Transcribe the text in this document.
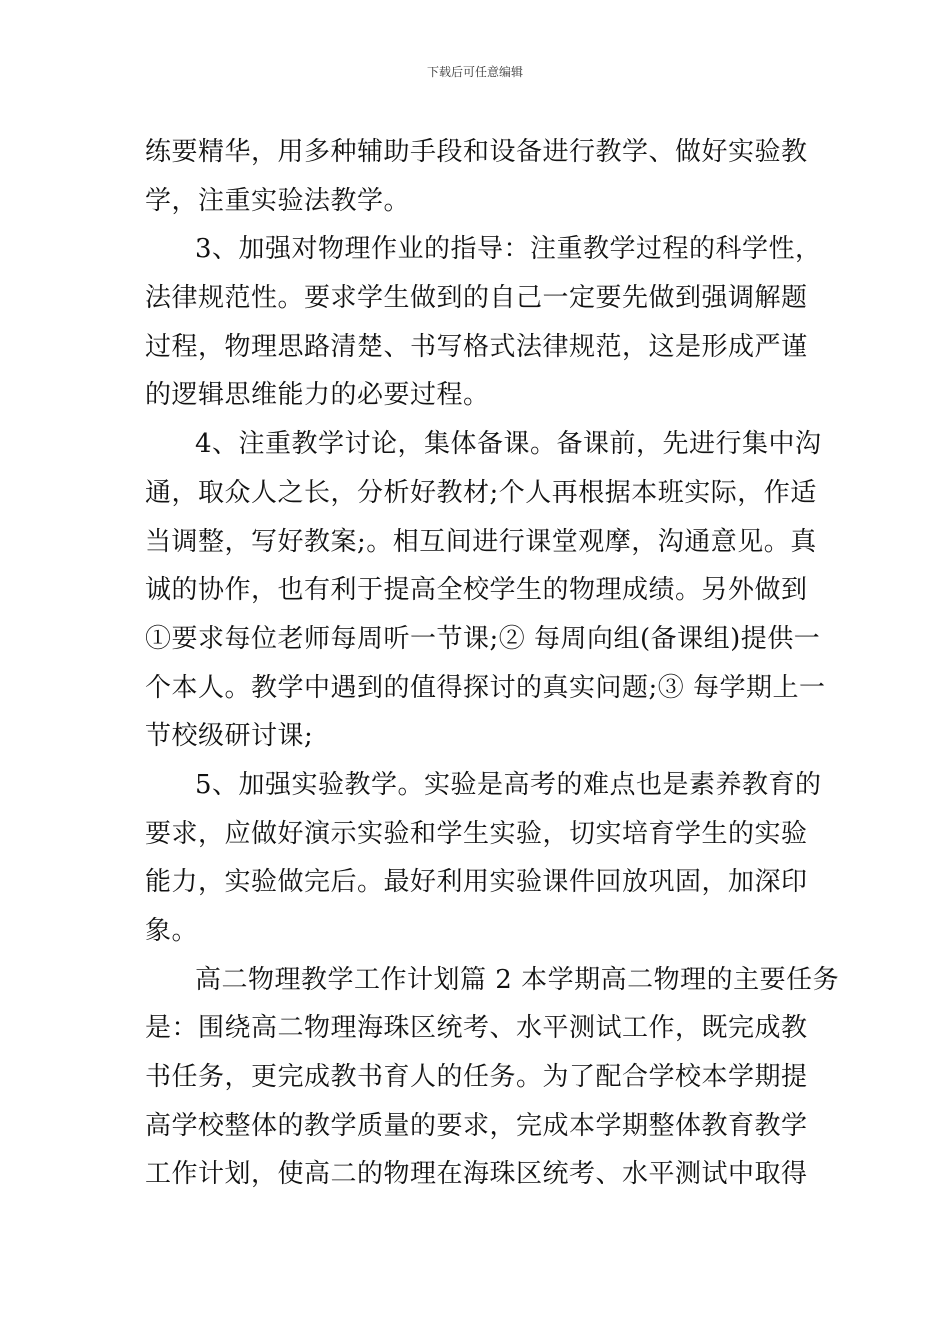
下载后可任意编辑
练要精华，用多种辅助手段和设备进行教学、做好实验教
学，注重实验法教学。
3、加强对物理作业的指导：注重教学过程的科学性，
法律规范性。要求学生做到的自己一定要先做到强调解题
过程，物理思路清楚、书写格式法律规范，这是形成严谨
的逻辑思维能力的必要过程。
4、注重教学讨论，集体备课。备课前，先进行集中沟
通，取众人之长，分析好教材;个人再根据本班实际，作适
当调整，写好教案;。相互间进行课堂观摩，沟通意见。真
诚的协作，也有利于提高全校学生的物理成绩。另外做到
①要求每位老师每周听一节课;② 每周向组(备课组)提供一
个本人。教学中遇到的值得探讨的真实问题;③ 每学期上一
节校级研讨课;
5、加强实验教学。实验是高考的难点也是素养教育的
要求，应做好演示实验和学生实验，切实培育学生的实验
能力，实验做完后。最好利用实验课件回放巩固，加深印
象。
高二物理教学工作计划篇 2 本学期高二物理的主要任务
是：围绕高二物理海珠区统考、水平测试工作，既完成教
书任务，更完成教书育人的任务。为了配合学校本学期提
高学校整体的教学质量的要求，完成本学期整体教育教学
工作计划，使高二的物理在海珠区统考、水平测试中取得
